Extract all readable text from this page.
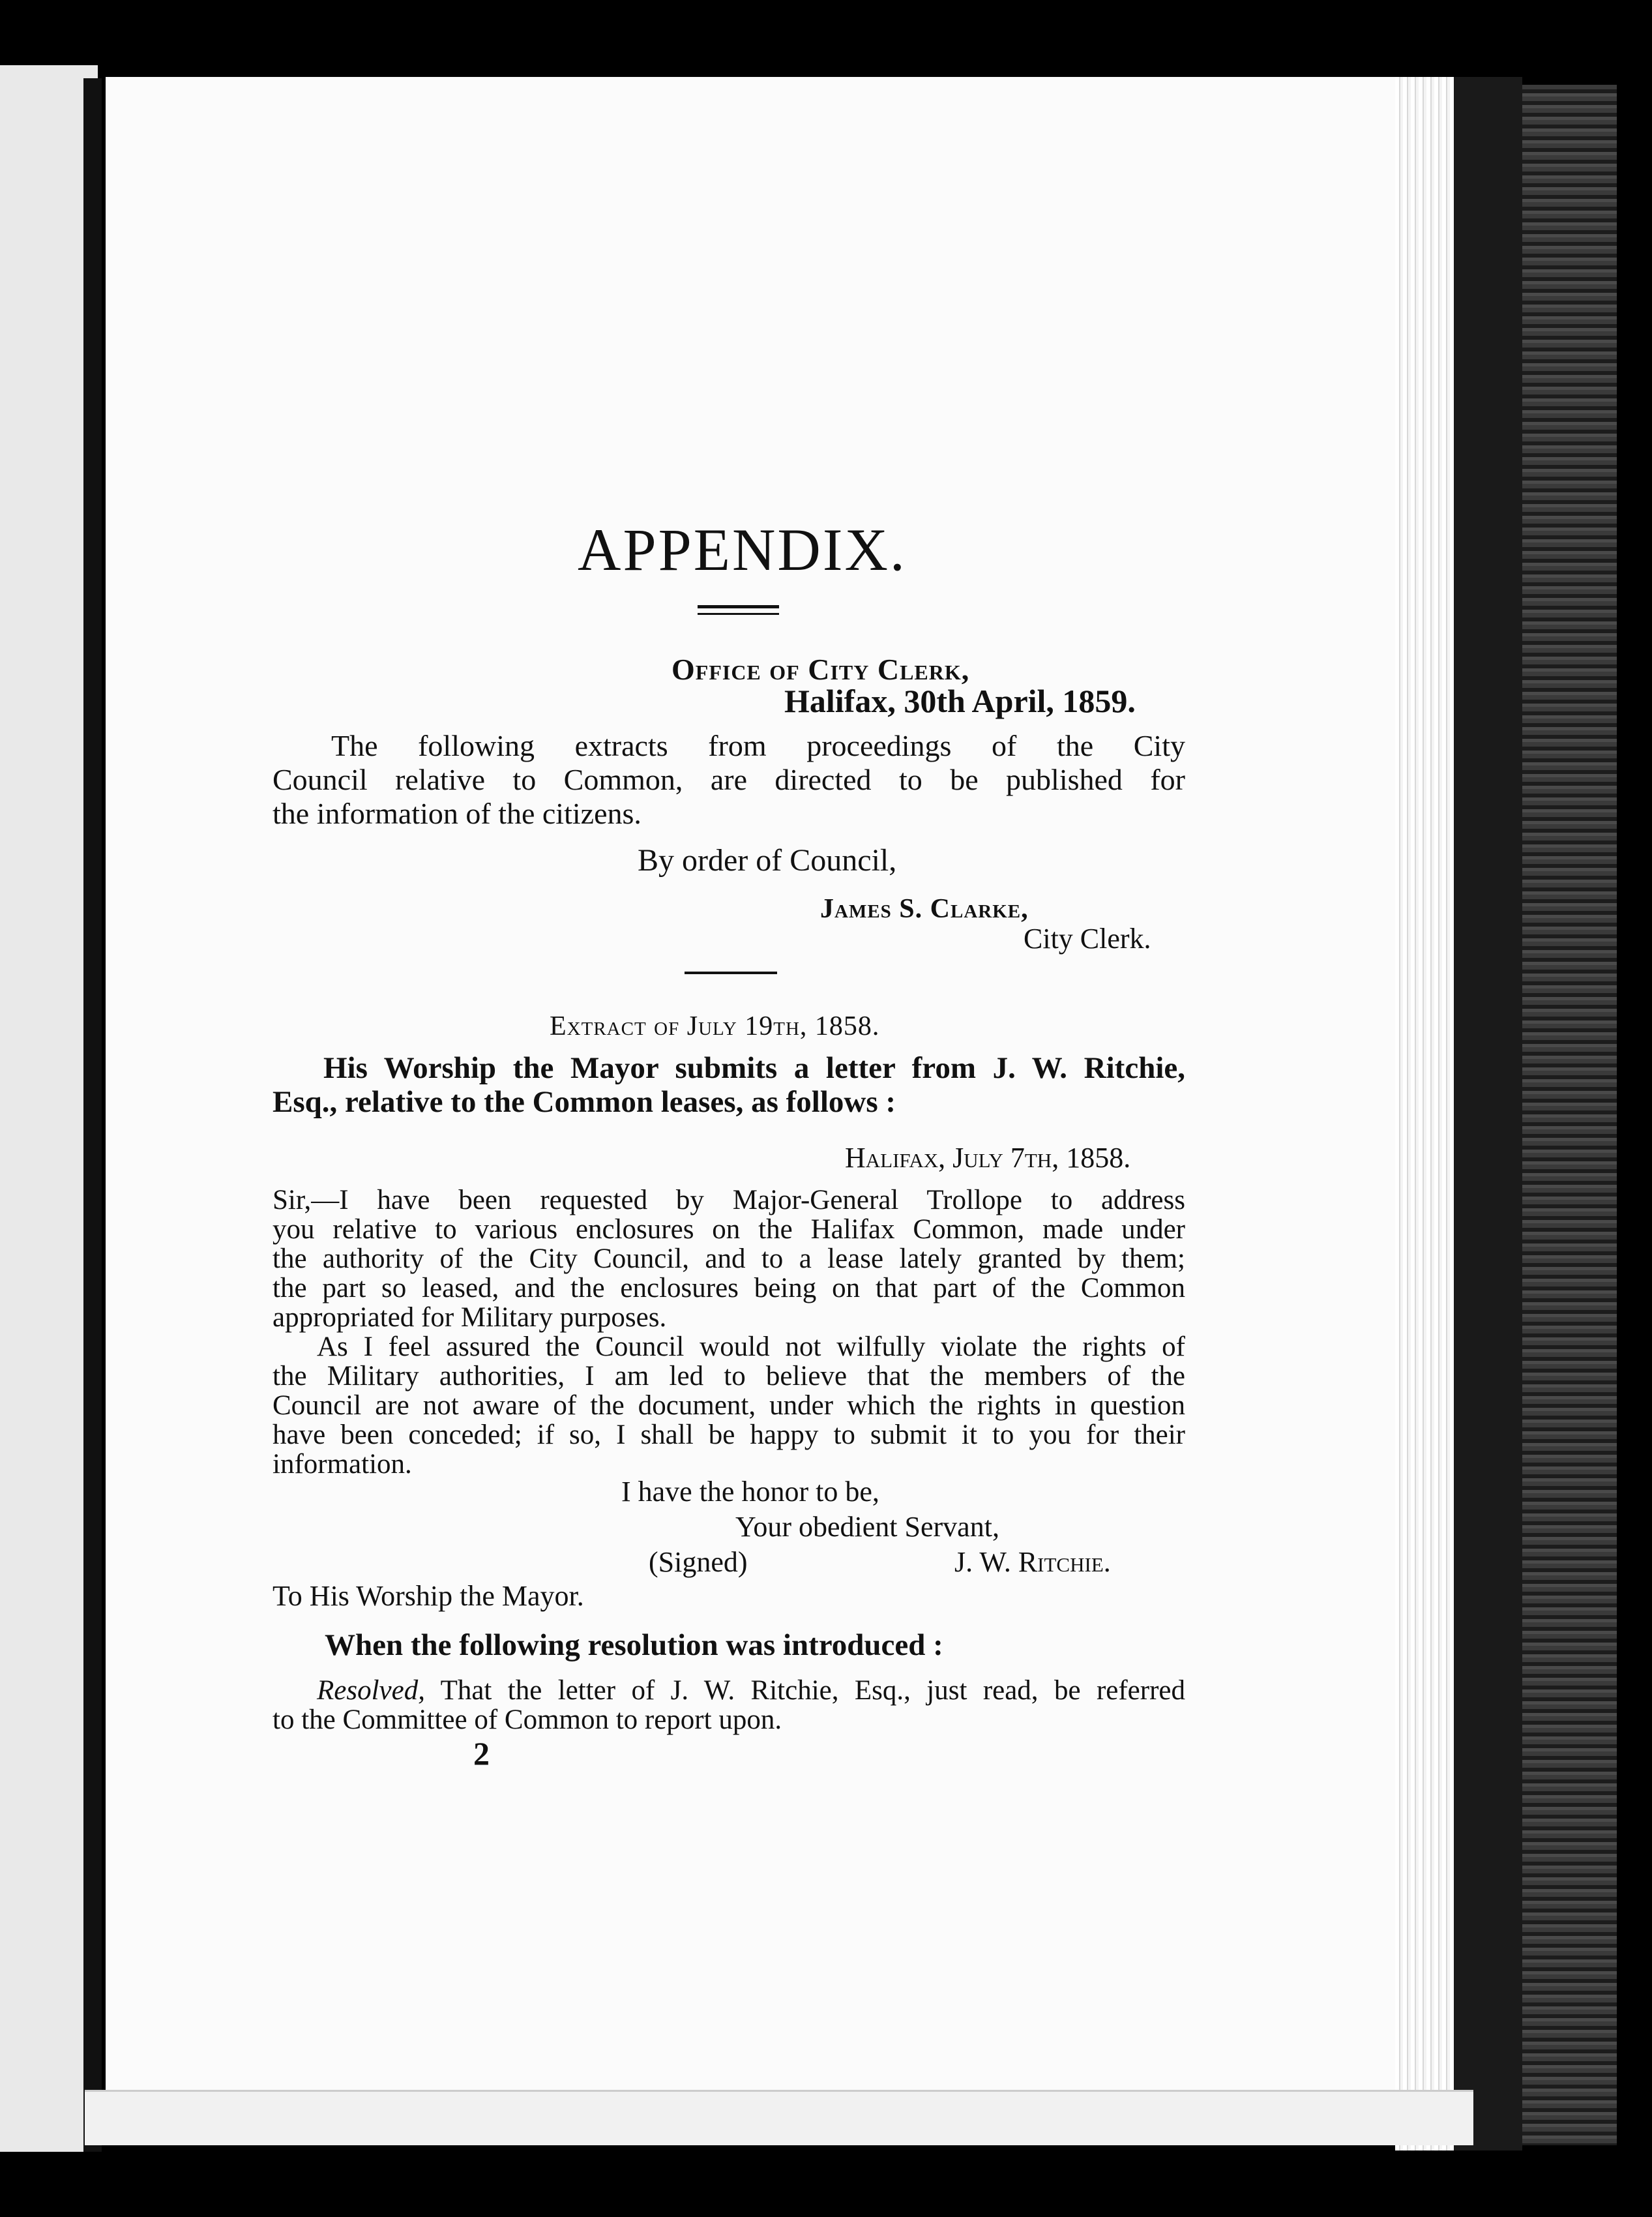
APPENDIX.
Office of City Clerk,
Halifax, 30th April, 1859.
The following extracts from proceedings of the City
Council relative to Common, are directed to be published for
the information of the citizens.
By order of Council,
James S. Clarke,
City Clerk.
Extract of July 19th, 1858.
His Worship the Mayor submits a letter from J. W. Ritchie,
Esq., relative to the Common leases, as follows :
Halifax, July 7th, 1858.
Sir,—I have been requested by Major-General Trollope to address
you relative to various enclosures on the Halifax Common, made under
the authority of the City Council, and to a lease lately granted by them;
the part so leased, and the enclosures being on that part of the Common
appropriated for Military purposes.
As I feel assured the Council would not wilfully violate the rights of
the Military authorities, I am led to believe that the members of the
Council are not aware of the document, under which the rights in question
have been conceded; if so, I shall be happy to submit it to you for their
information.
I have the honor to be,
Your obedient Servant,
(Signed)	J. W. Ritchie.
To His Worship the Mayor.
When the following resolution was introduced :
Resolved, That the letter of J. W. Ritchie, Esq., just read, be referred
to the Committee of Common to report upon.
2
